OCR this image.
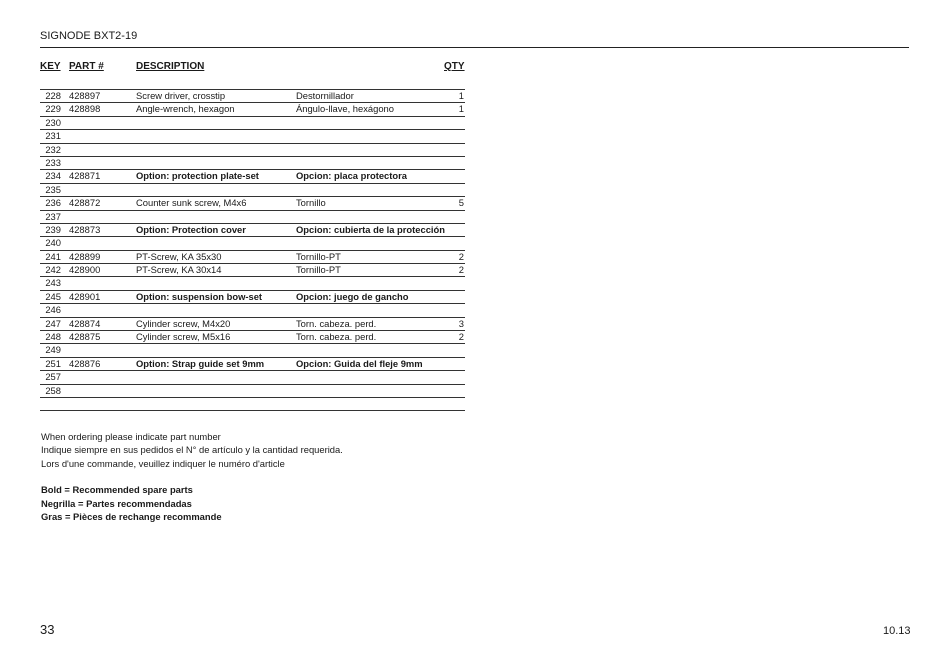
SIGNODE BXT2-19
KEY PART #	DESCRIPTION	QTY
228 428897	Screw driver, crosstip	Destornillador	1
229 428898	Angle-wrench, hexagon	Ángulo-llave, hexágono	1
230
231
232
233
234 428871	Option: protection plate-set	Opcion: placa protectora
235
236 428872	Counter sunk screw, M4x6	Tornillo	5
237
239 428873	Option: Protection cover	Opcion: cubierta de la protección
240
241 428899	PT-Screw, KA 35x30	Tornillo-PT	2
242 428900	PT-Screw, KA 30x14	Tornillo-PT	2
243
245 428901	Option: suspension bow-set	Opcion: juego de gancho
246
247 428874	Cylinder screw, M4x20	Torn. cabeza. perd.	3
248 428875	Cylinder screw, M5x16	Torn. cabeza. perd.	2
249
251 428876	Option: Strap guide set 9mm	Opcion: Guida del fleje 9mm
257
258
When ordering please indicate part number
Indique siempre en sus pedidos el N° de artículo y la cantidad requerida.
Lors d'une commande, veuillez indiquer le numéro d'article
Bold = Recommended spare parts
Negrilla = Partes recommendadas
Gras = Pièces de rechange recommande
33	10.13
